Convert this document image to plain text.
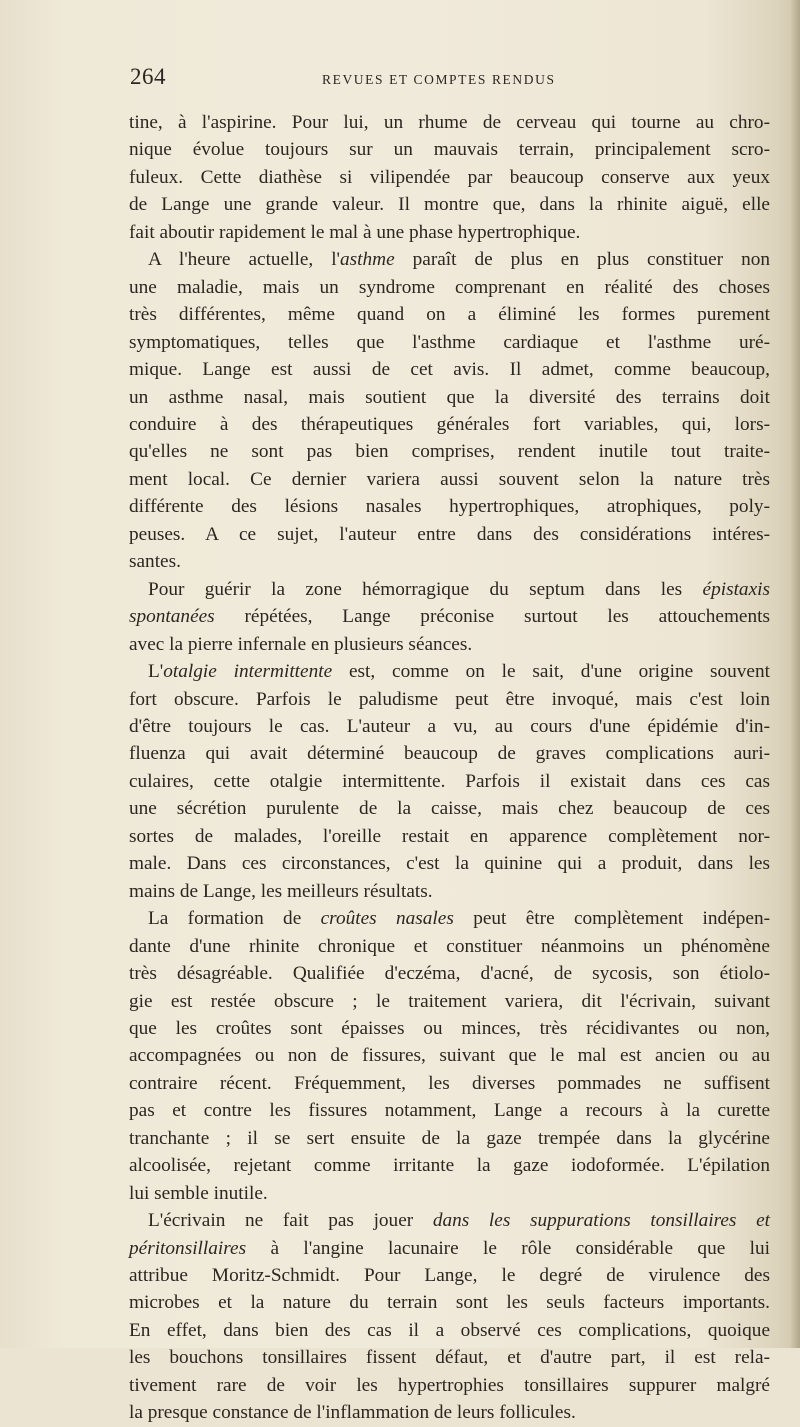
264	REVUES ET COMPTES RENDUS
tine, à l'aspirine. Pour lui, un rhume de cerveau qui tourne au chro-
nique évolue toujours sur un mauvais terrain, principalement scro-
fuleux. Cette diathèse si vilipendée par beaucoup conserve aux yeux
de Lange une grande valeur. Il montre que, dans la rhinite aiguë, elle
fait aboutir rapidement le mal à une phase hypertrophique.
A l'heure actuelle, l'asthme paraît de plus en plus constituer non
une maladie, mais un syndrome comprenant en réalité des choses
très différentes, même quand on a éliminé les formes purement
symptomatiques, telles que l'asthme cardiaque et l'asthme uré-
mique. Lange est aussi de cet avis. Il admet, comme beaucoup,
un asthme nasal, mais soutient que la diversité des terrains doit
conduire à des thérapeutiques générales fort variables, qui, lors-
qu'elles ne sont pas bien comprises, rendent inutile tout traite-
ment local. Ce dernier variera aussi souvent selon la nature très
différente des lésions nasales hypertrophiques, atrophiques, poly-
peuses. A ce sujet, l'auteur entre dans des considérations intéres-
santes.
Pour guérir la zone hémorragique du septum dans les épistaxis
spontanées répétées, Lange préconise surtout les attouchements
avec la pierre infernale en plusieurs séances.
L'otalgie intermittente est, comme on le sait, d'une origine souvent
fort obscure. Parfois le paludisme peut être invoqué, mais c'est loin
d'être toujours le cas. L'auteur a vu, au cours d'une épidémie d'in-
fluenza qui avait déterminé beaucoup de graves complications auri-
culaires, cette otalgie intermittente. Parfois il existait dans ces cas
une sécrétion purulente de la caisse, mais chez beaucoup de ces
sortes de malades, l'oreille restait en apparence complètement nor-
male. Dans ces circonstances, c'est la quinine qui a produit, dans les
mains de Lange, les meilleurs résultats.
La formation de croûtes nasales peut être complètement indépen-
dante d'une rhinite chronique et constituer néanmoins un phénomène
très désagréable. Qualifiée d'eczéma, d'acné, de sycosis, son étiolo-
gie est restée obscure ; le traitement variera, dit l'écrivain, suivant
que les croûtes sont épaisses ou minces, très récidivantes ou non,
accompagnées ou non de fissures, suivant que le mal est ancien ou au
contraire récent. Fréquemment, les diverses pommades ne suffisent
pas et contre les fissures notamment, Lange a recours à la curette
tranchante ; il se sert ensuite de la gaze trempée dans la glycérine
alcoolisée, rejetant comme irritante la gaze iodoformée. L'épilation
lui semble inutile.
L'écrivain ne fait pas jouer dans les suppurations tonsillaires et
péritonsillaires à l'angine lacunaire le rôle considérable que lui
attribue Moritz-Schmidt. Pour Lange, le degré de virulence des
microbes et la nature du terrain sont les seuls facteurs importants.
En effet, dans bien des cas il a observé ces complications, quoique
les bouchons tonsillaires fissent défaut, et d'autre part, il est rela-
tivement rare de voir les hypertrophies tonsillaires suppurer malgré
la presque constance de l'inflammation de leurs follicules.
